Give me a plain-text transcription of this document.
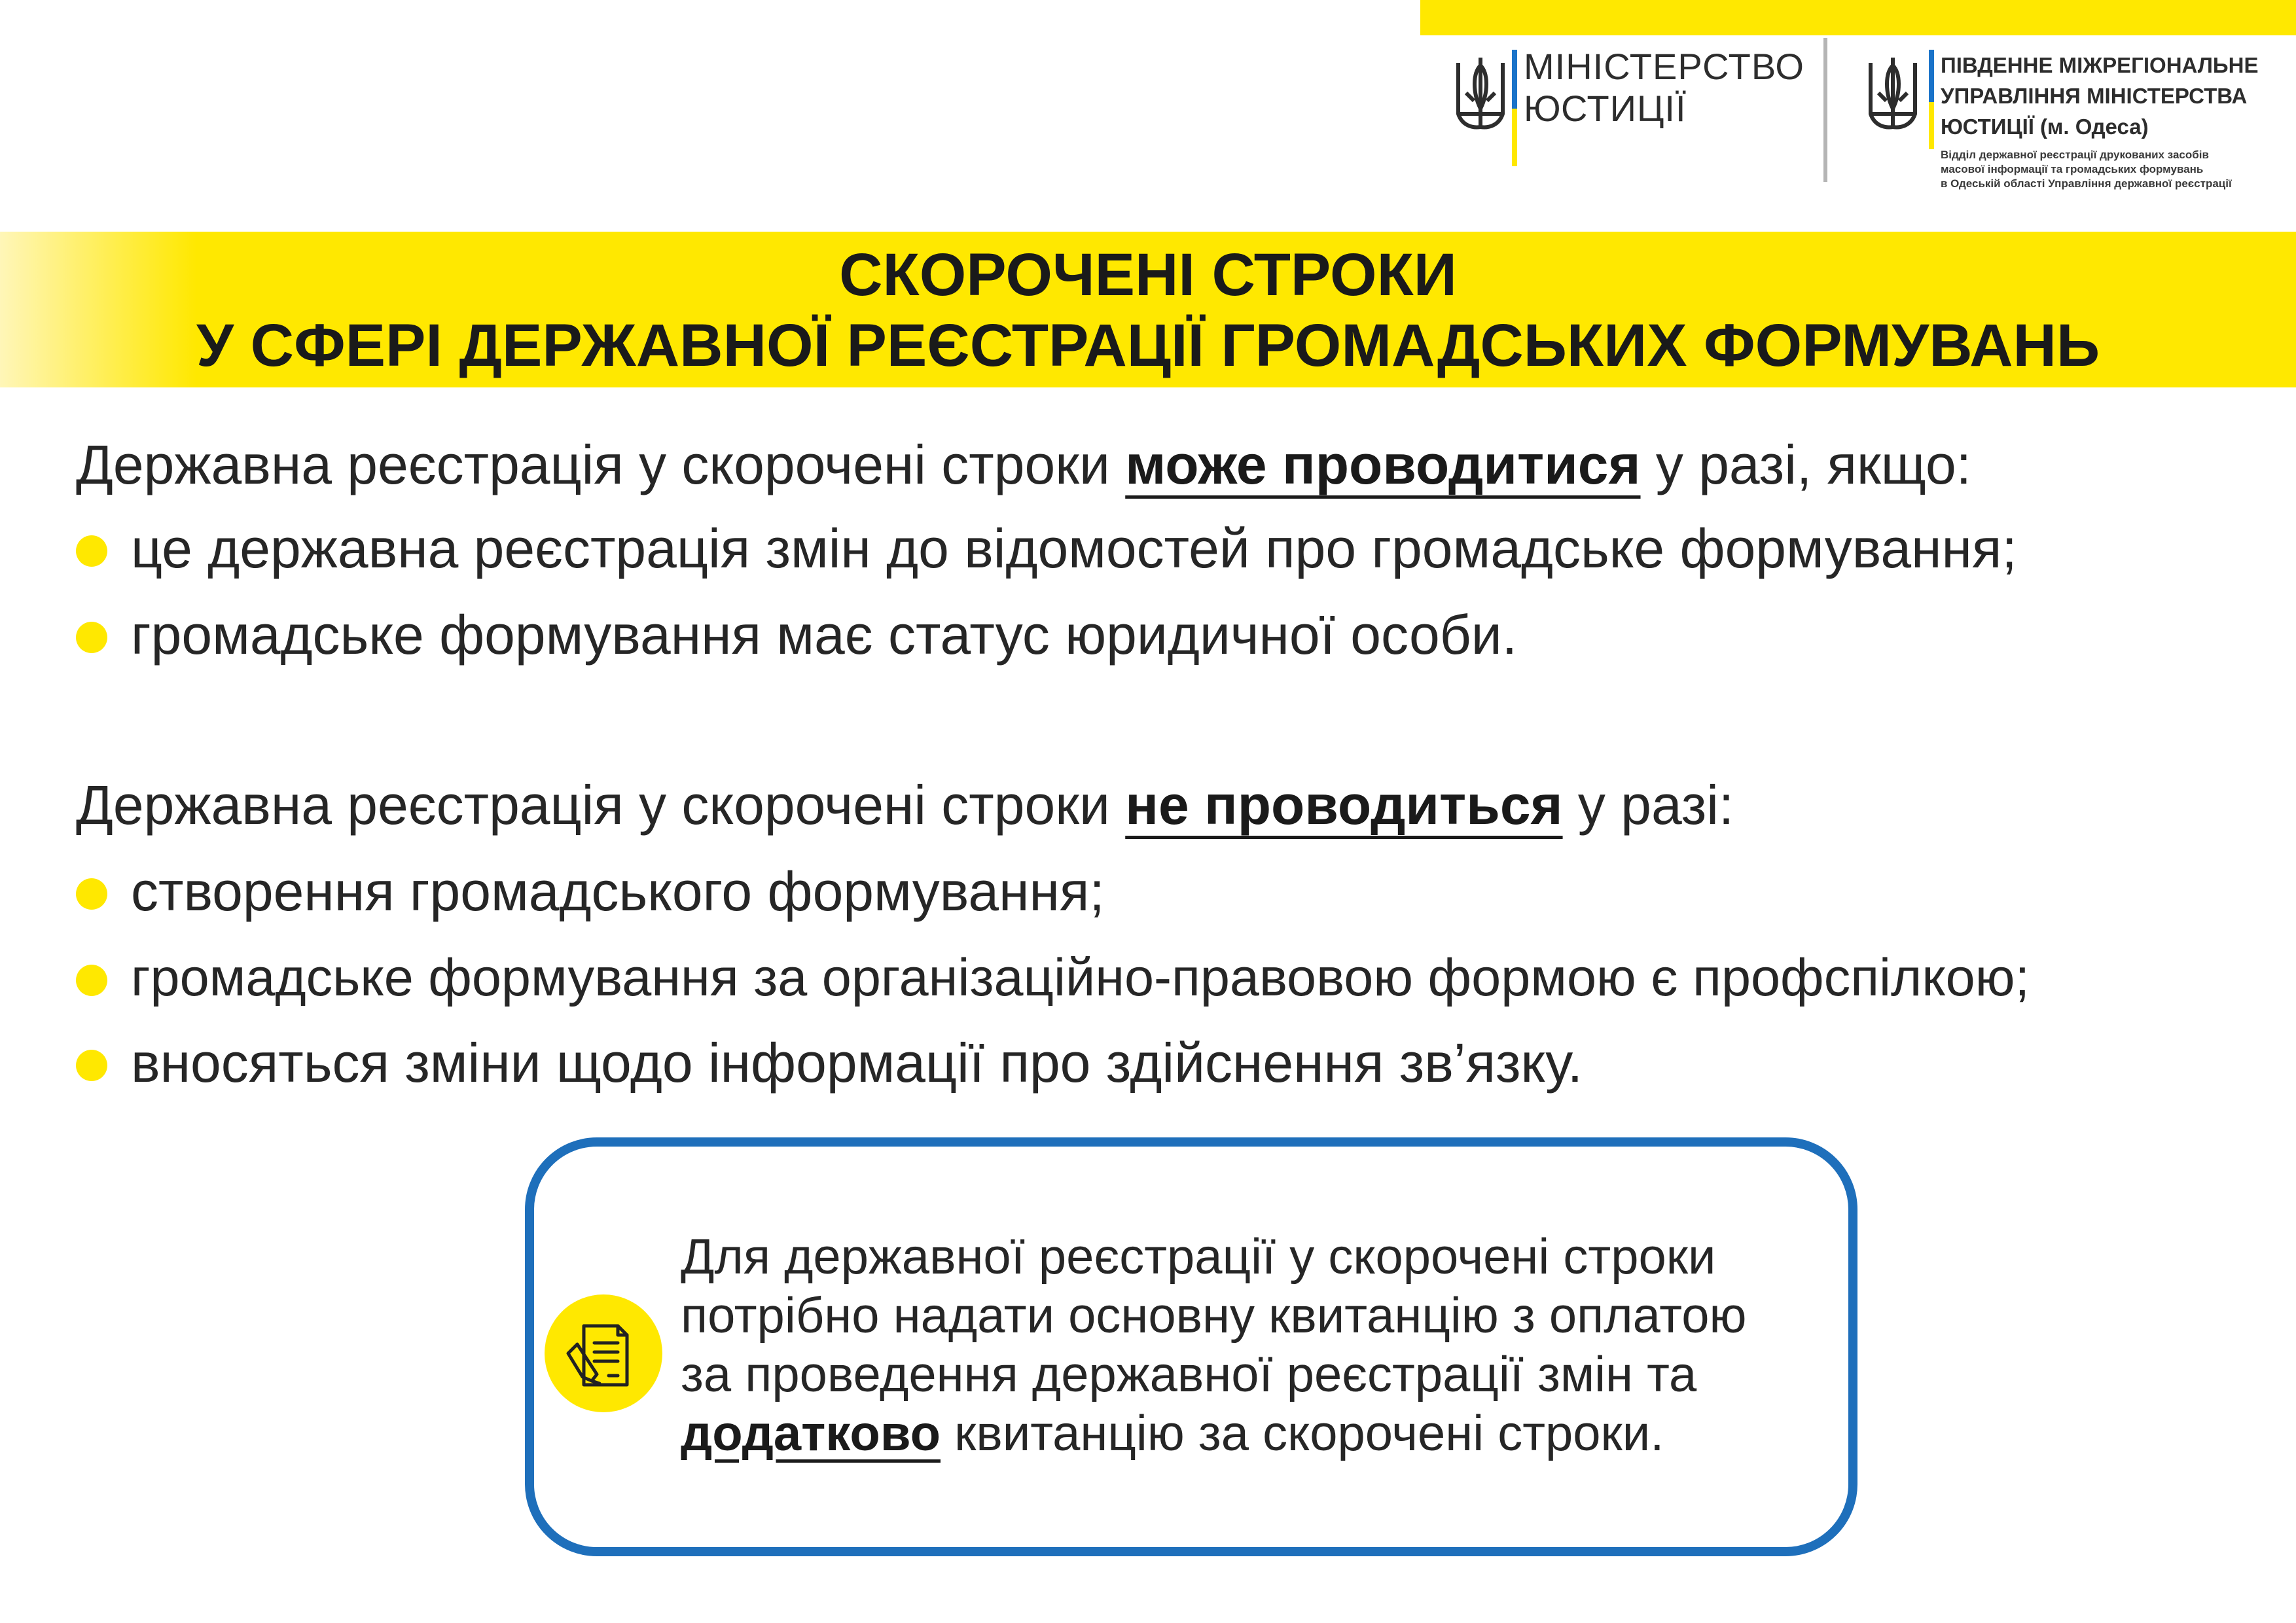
МІНІСТЕРСТВО
ЮСТИЦІЇ
ПІВДЕННЕ МІЖРЕГІОНАЛЬНЕ
УПРАВЛІННЯ МІНІСТЕРСТВА
ЮСТИЦІЇ (м. Одеса)
Відділ державної реєстрації друкованих засобів
масової інформації та громадських формувань
в Одеській області Управління державної реєстрації
СКОРОЧЕНІ СТРОКИ
У СФЕРІ ДЕРЖАВНОЇ РЕЄСТРАЦІЇ ГРОМАДСЬКИХ ФОРМУВАНЬ
Державна реєстрація у скорочені строки може проводитися у разі, якщо:
це державна реєстрація змін до відомостей про громадське формування;
громадське формування має статус юридичної особи.
Державна реєстрація у скорочені строки не проводиться у разі:
створення громадського формування;
громадське формування за організаційно-правовою формою є профспілкою;
вносяться зміни щодо інформації про здійснення зв’язку.
Для державної реєстрації у скорочені строки
потрібно надати основну квитанцію з оплатою
за проведення державної реєстрації змін та
додатково квитанцію за скорочені строки.
